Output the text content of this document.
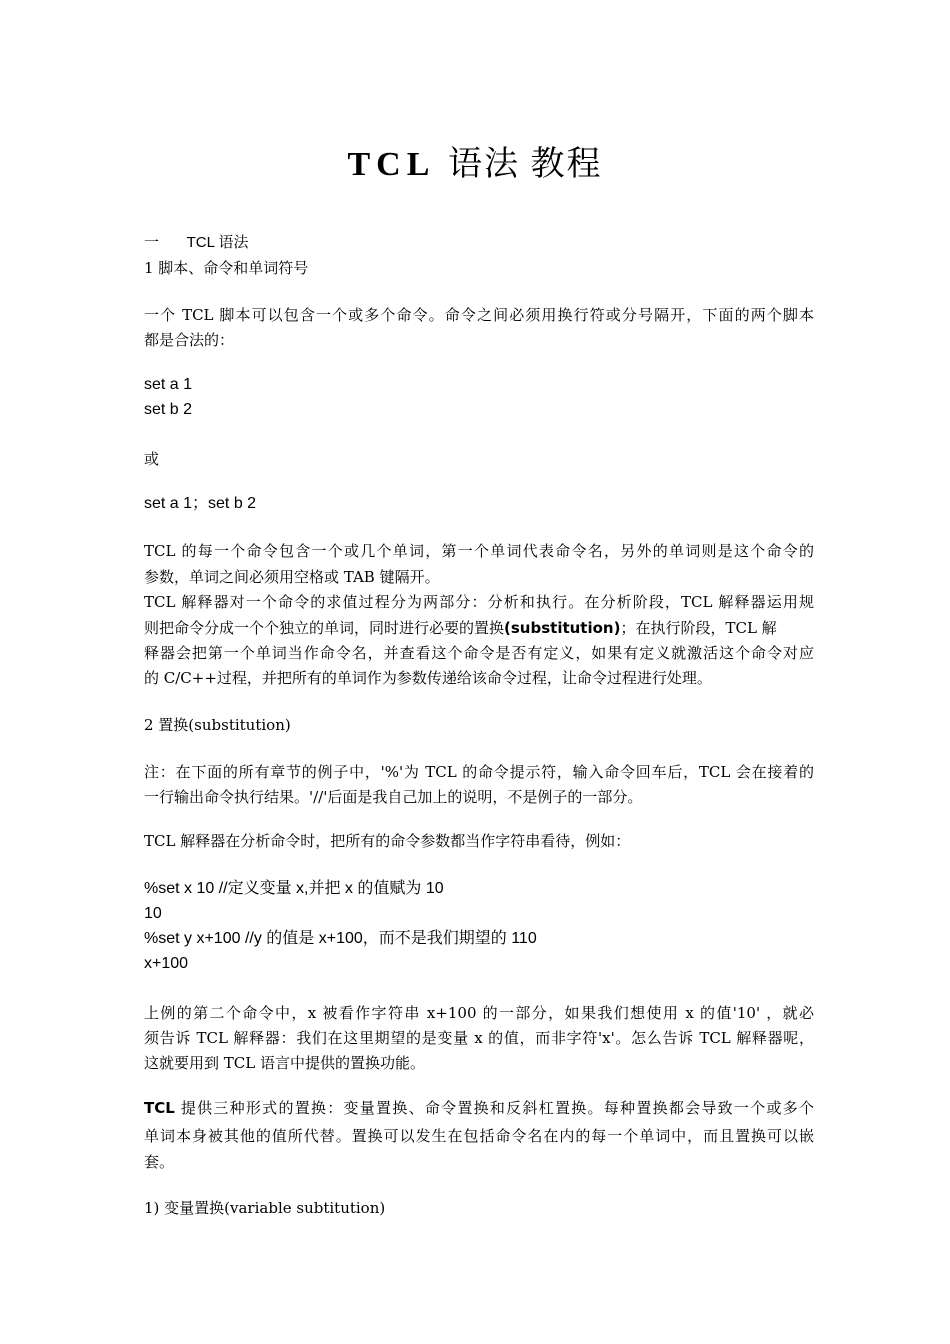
TCL 语法 教程
一 TCL 语法
1 脚本、命令和单词符号
一个 TCL 脚本可以包含一个或多个命令。命令之间必须用换行符或分号隔开，下面的两个脚本
都是合法的：
set a 1
set b 2
或
set a 1；set b 2
TCL 的每一个命令包含一个或几个单词，第一个单词代表命令名，另外的单词则是这个命令的
参数，单词之间必须用空格或 TAB 键隔开。
TCL 解释器对一个命令的求值过程分为两部分：分析和执行。在分析阶段，TCL 解释器运用规
则把命令分成一个个独立的单词，同时进行必要的置换(substitution)；在执行阶段，TCL 解
释器会把第一个单词当作命令名，并查看这个命令是否有定义，如果有定义就激活这个命令对应
的 C/C++过程，并把所有的单词作为参数传递给该命令过程，让命令过程进行处理。
2 置换(substitution)
注：在下面的所有章节的例子中，'%'为 TCL 的命令提示符，输入命令回车后，TCL 会在接着的
一行输出命令执行结果。'//'后面是我自己加上的说明，不是例子的一部分。
TCL 解释器在分析命令时，把所有的命令参数都当作字符串看待，例如：
%set x 10 //定义变量 x,并把 x 的值赋为 10
10
%set y x+100 //y 的值是 x+100，而不是我们期望的 110
x+100
上例的第二个命令中，x 被看作字符串 x+100 的一部分，如果我们想使用 x 的值'10' ，就必
须告诉 TCL 解释器：我们在这里期望的是变量 x 的值，而非字符'x'。怎么告诉 TCL 解释器呢，
这就要用到 TCL 语言中提供的置换功能。
TCL 提供三种形式的置换：变量置换、命令置换和反斜杠置换。每种置换都会导致一个或多个
单词本身被其他的值所代替。置换可以发生在包括命令名在内的每一个单词中，而且置换可以嵌
套。
1) 变量置换(variable subtitution)
